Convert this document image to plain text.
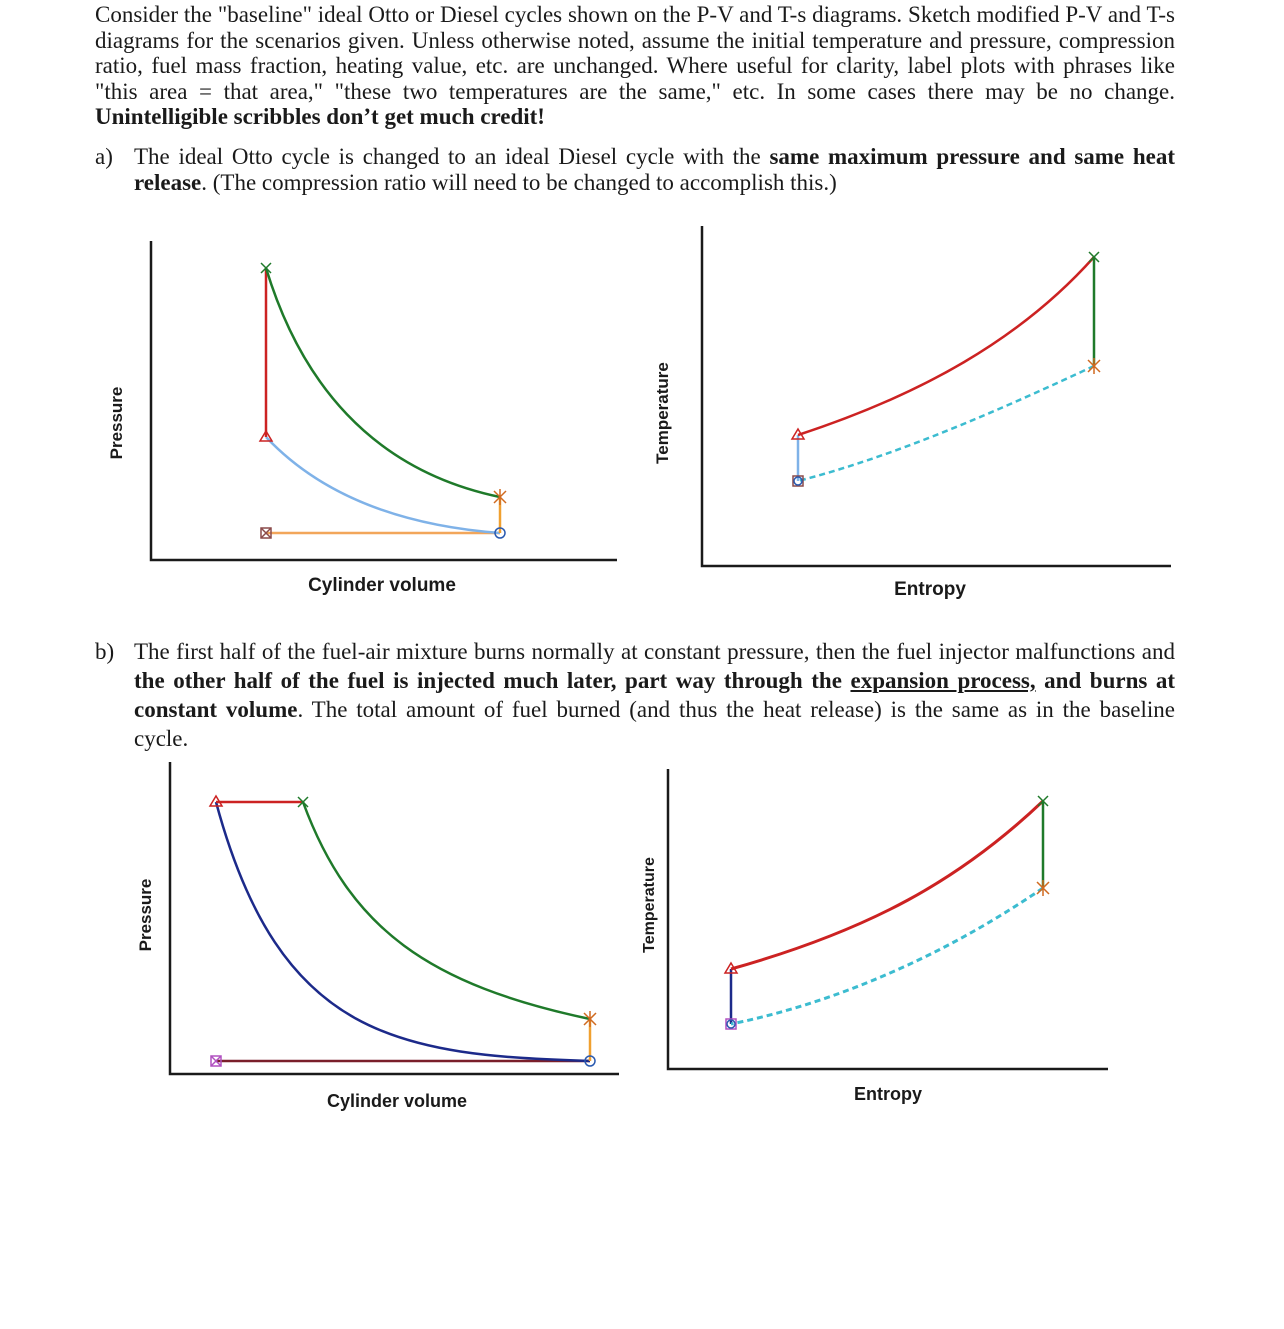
Consider the "baseline" ideal Otto or Diesel cycles shown on the P-V and T-s diagrams. Sketch modified P-V and T-s diagrams for the scenarios given. Unless otherwise noted, assume the initial temperature and pressure, compression ratio, fuel mass fraction, heating value, etc. are unchanged. Where useful for clarity, label plots with phrases like "this area = that area," "these two temperatures are the same," etc. In some cases there may be no change. Unintelligible scribbles don’t get much credit!
a) The ideal Otto cycle is changed to an ideal Diesel cycle with the same maximum pressure and same heat release. (The compression ratio will need to be changed to accomplish this.)
b) The first half of the fuel-air mixture burns normally at constant pressure, then the fuel injector malfunctions and the other half of the fuel is injected much later, part way through the expansion process, and burns at constant volume. The total amount of fuel burned (and thus the heat release) is the same as in the baseline cycle.
Pressure
Cylinder volume
Temperature
Entropy
Pressure
Cylinder volume
Temperature
Entropy
